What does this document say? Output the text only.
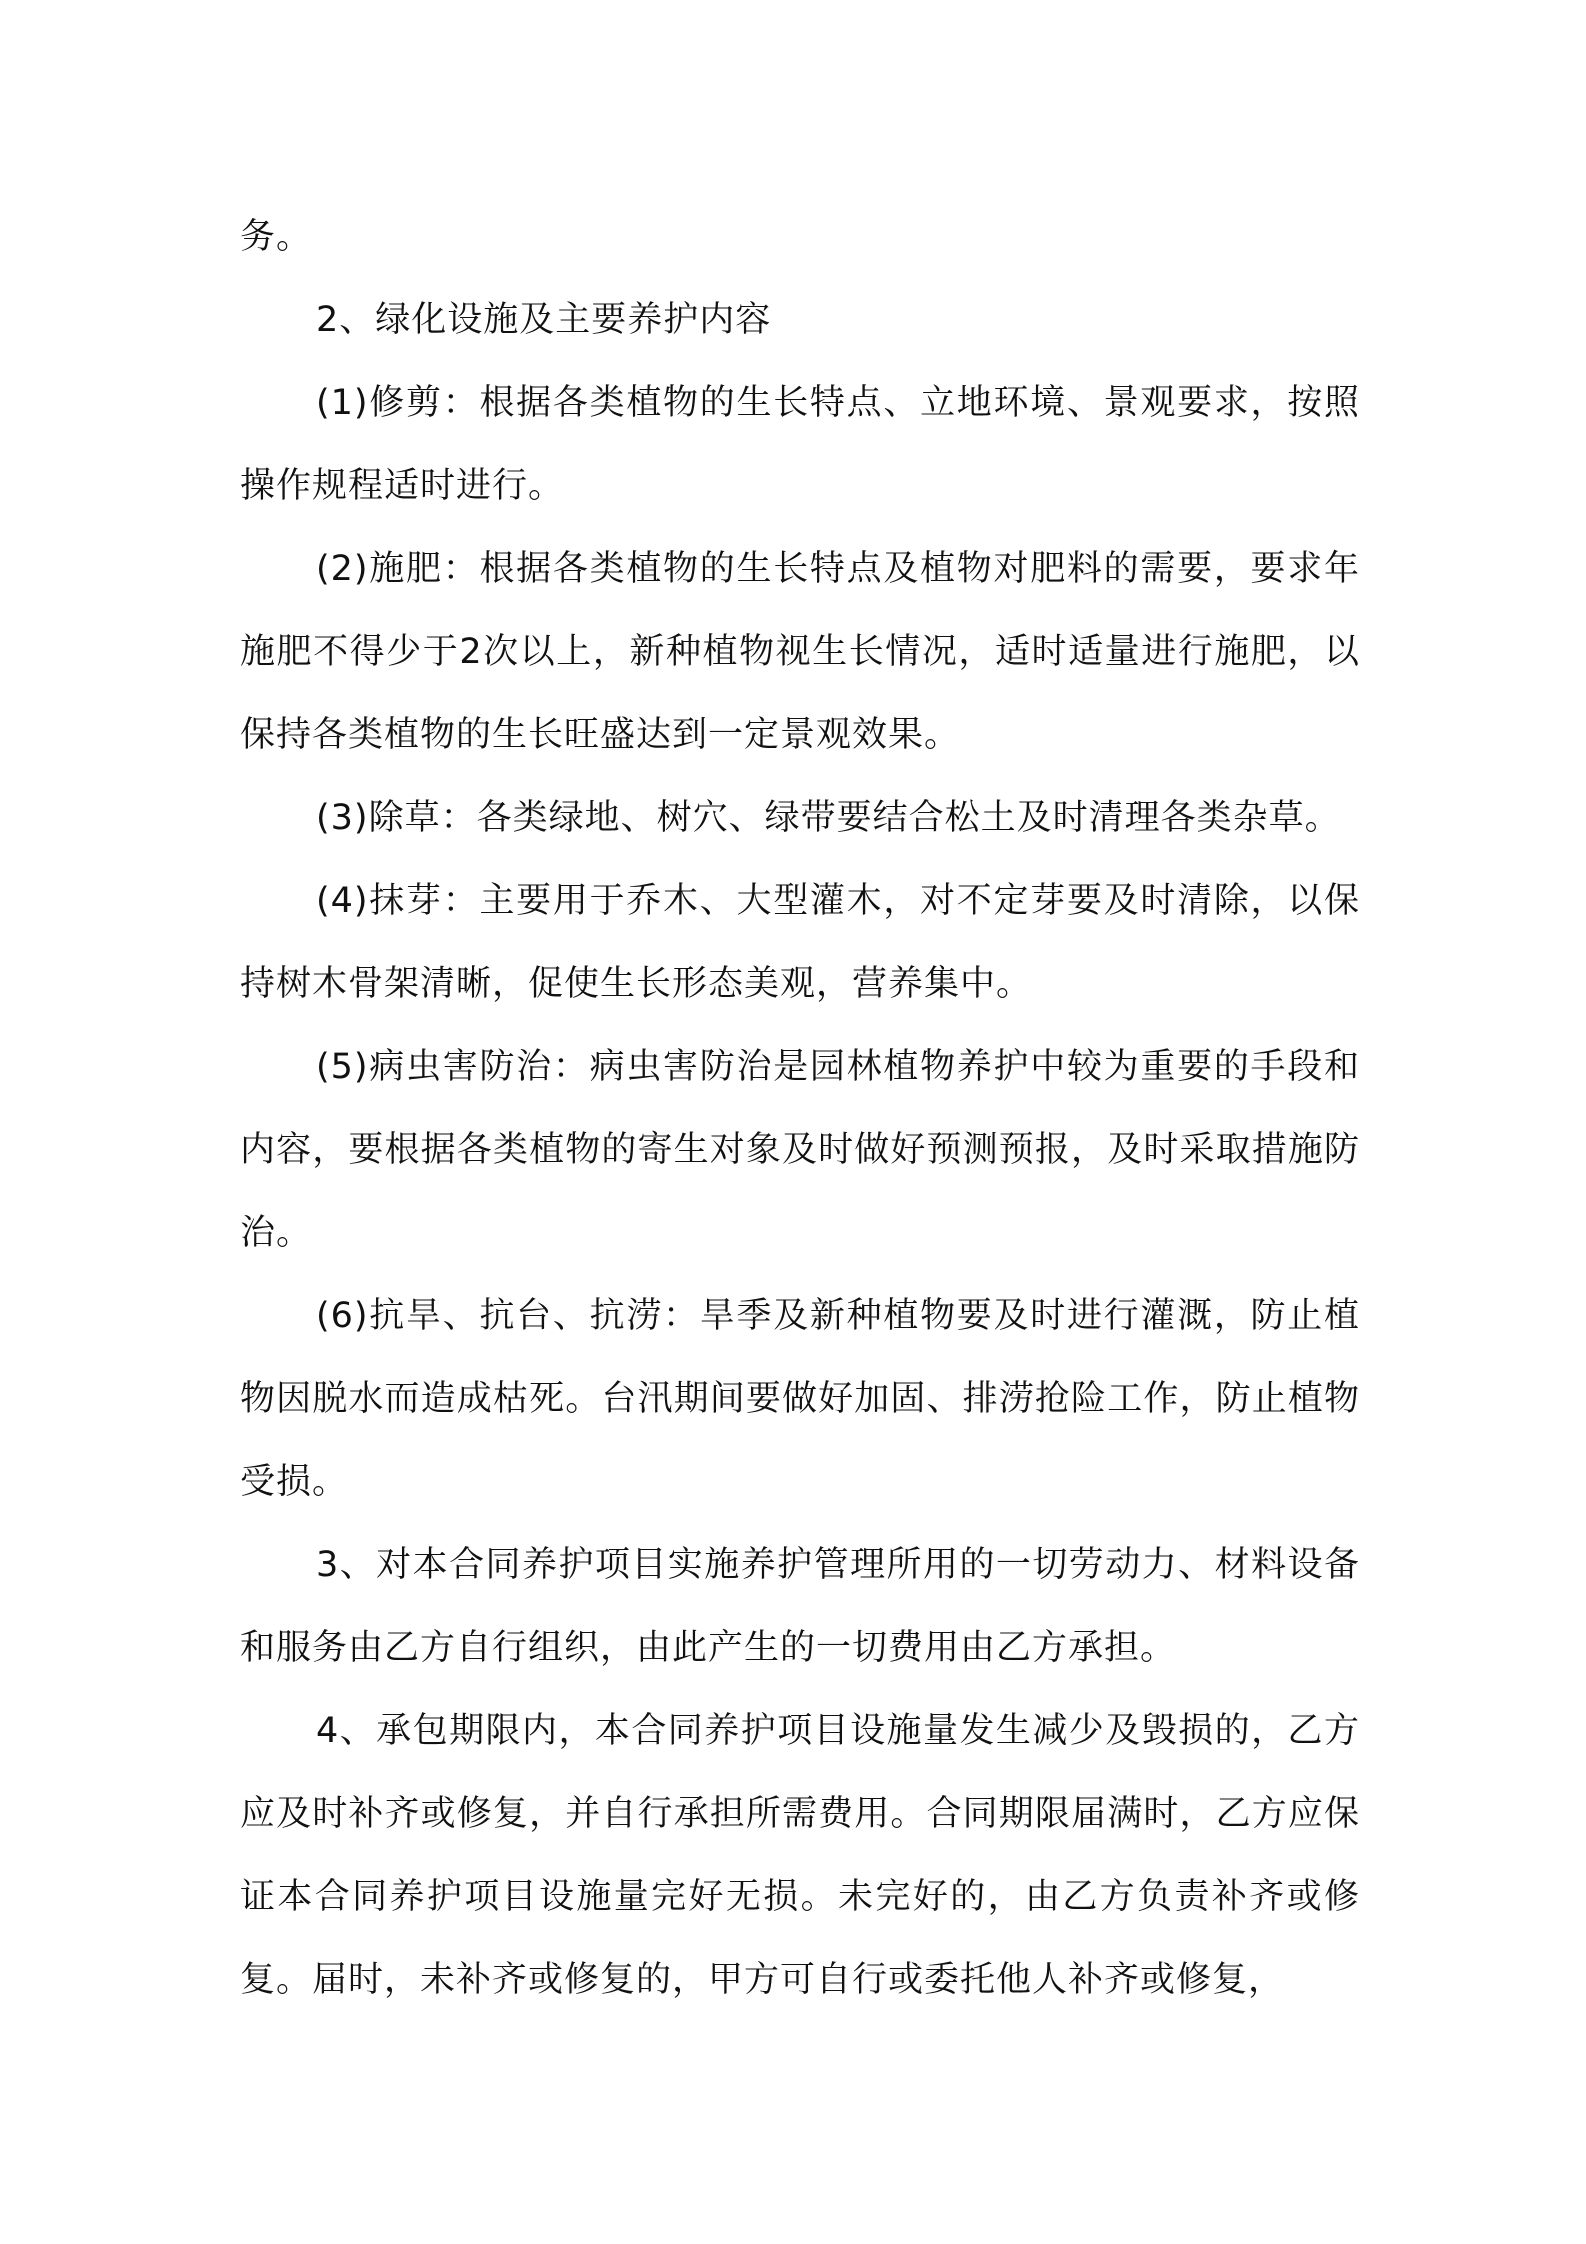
务。

2、绿化设施及主要养护内容

(1)修剪：根据各类植物的生长特点、立地环境、景观要求，按照操作规程适时进行。

(2)施肥：根据各类植物的生长特点及植物对肥料的需要，要求年施肥不得少于2次以上，新种植物视生长情况，适时适量进行施肥，以保持各类植物的生长旺盛达到一定景观效果。

(3)除草：各类绿地、树穴、绿带要结合松土及时清理各类杂草。

(4)抹芽：主要用于乔木、大型灌木，对不定芽要及时清除，以保持树木骨架清晰，促使生长形态美观，营养集中。

(5)病虫害防治：病虫害防治是园林植物养护中较为重要的手段和内容，要根据各类植物的寄生对象及时做好预测预报，及时采取措施防治。

(6)抗旱、抗台、抗涝：旱季及新种植物要及时进行灌溉，防止植物因脱水而造成枯死。台汛期间要做好加固、排涝抢险工作，防止植物受损。

3、对本合同养护项目实施养护管理所用的一切劳动力、材料设备和服务由乙方自行组织，由此产生的一切费用由乙方承担。

4、承包期限内，本合同养护项目设施量发生减少及毁损的，乙方应及时补齐或修复，并自行承担所需费用。合同期限届满时，乙方应保证本合同养护项目设施量完好无损。未完好的，由乙方负责补齐或修复。届时，未补齐或修复的，甲方可自行或委托他人补齐或修复，
